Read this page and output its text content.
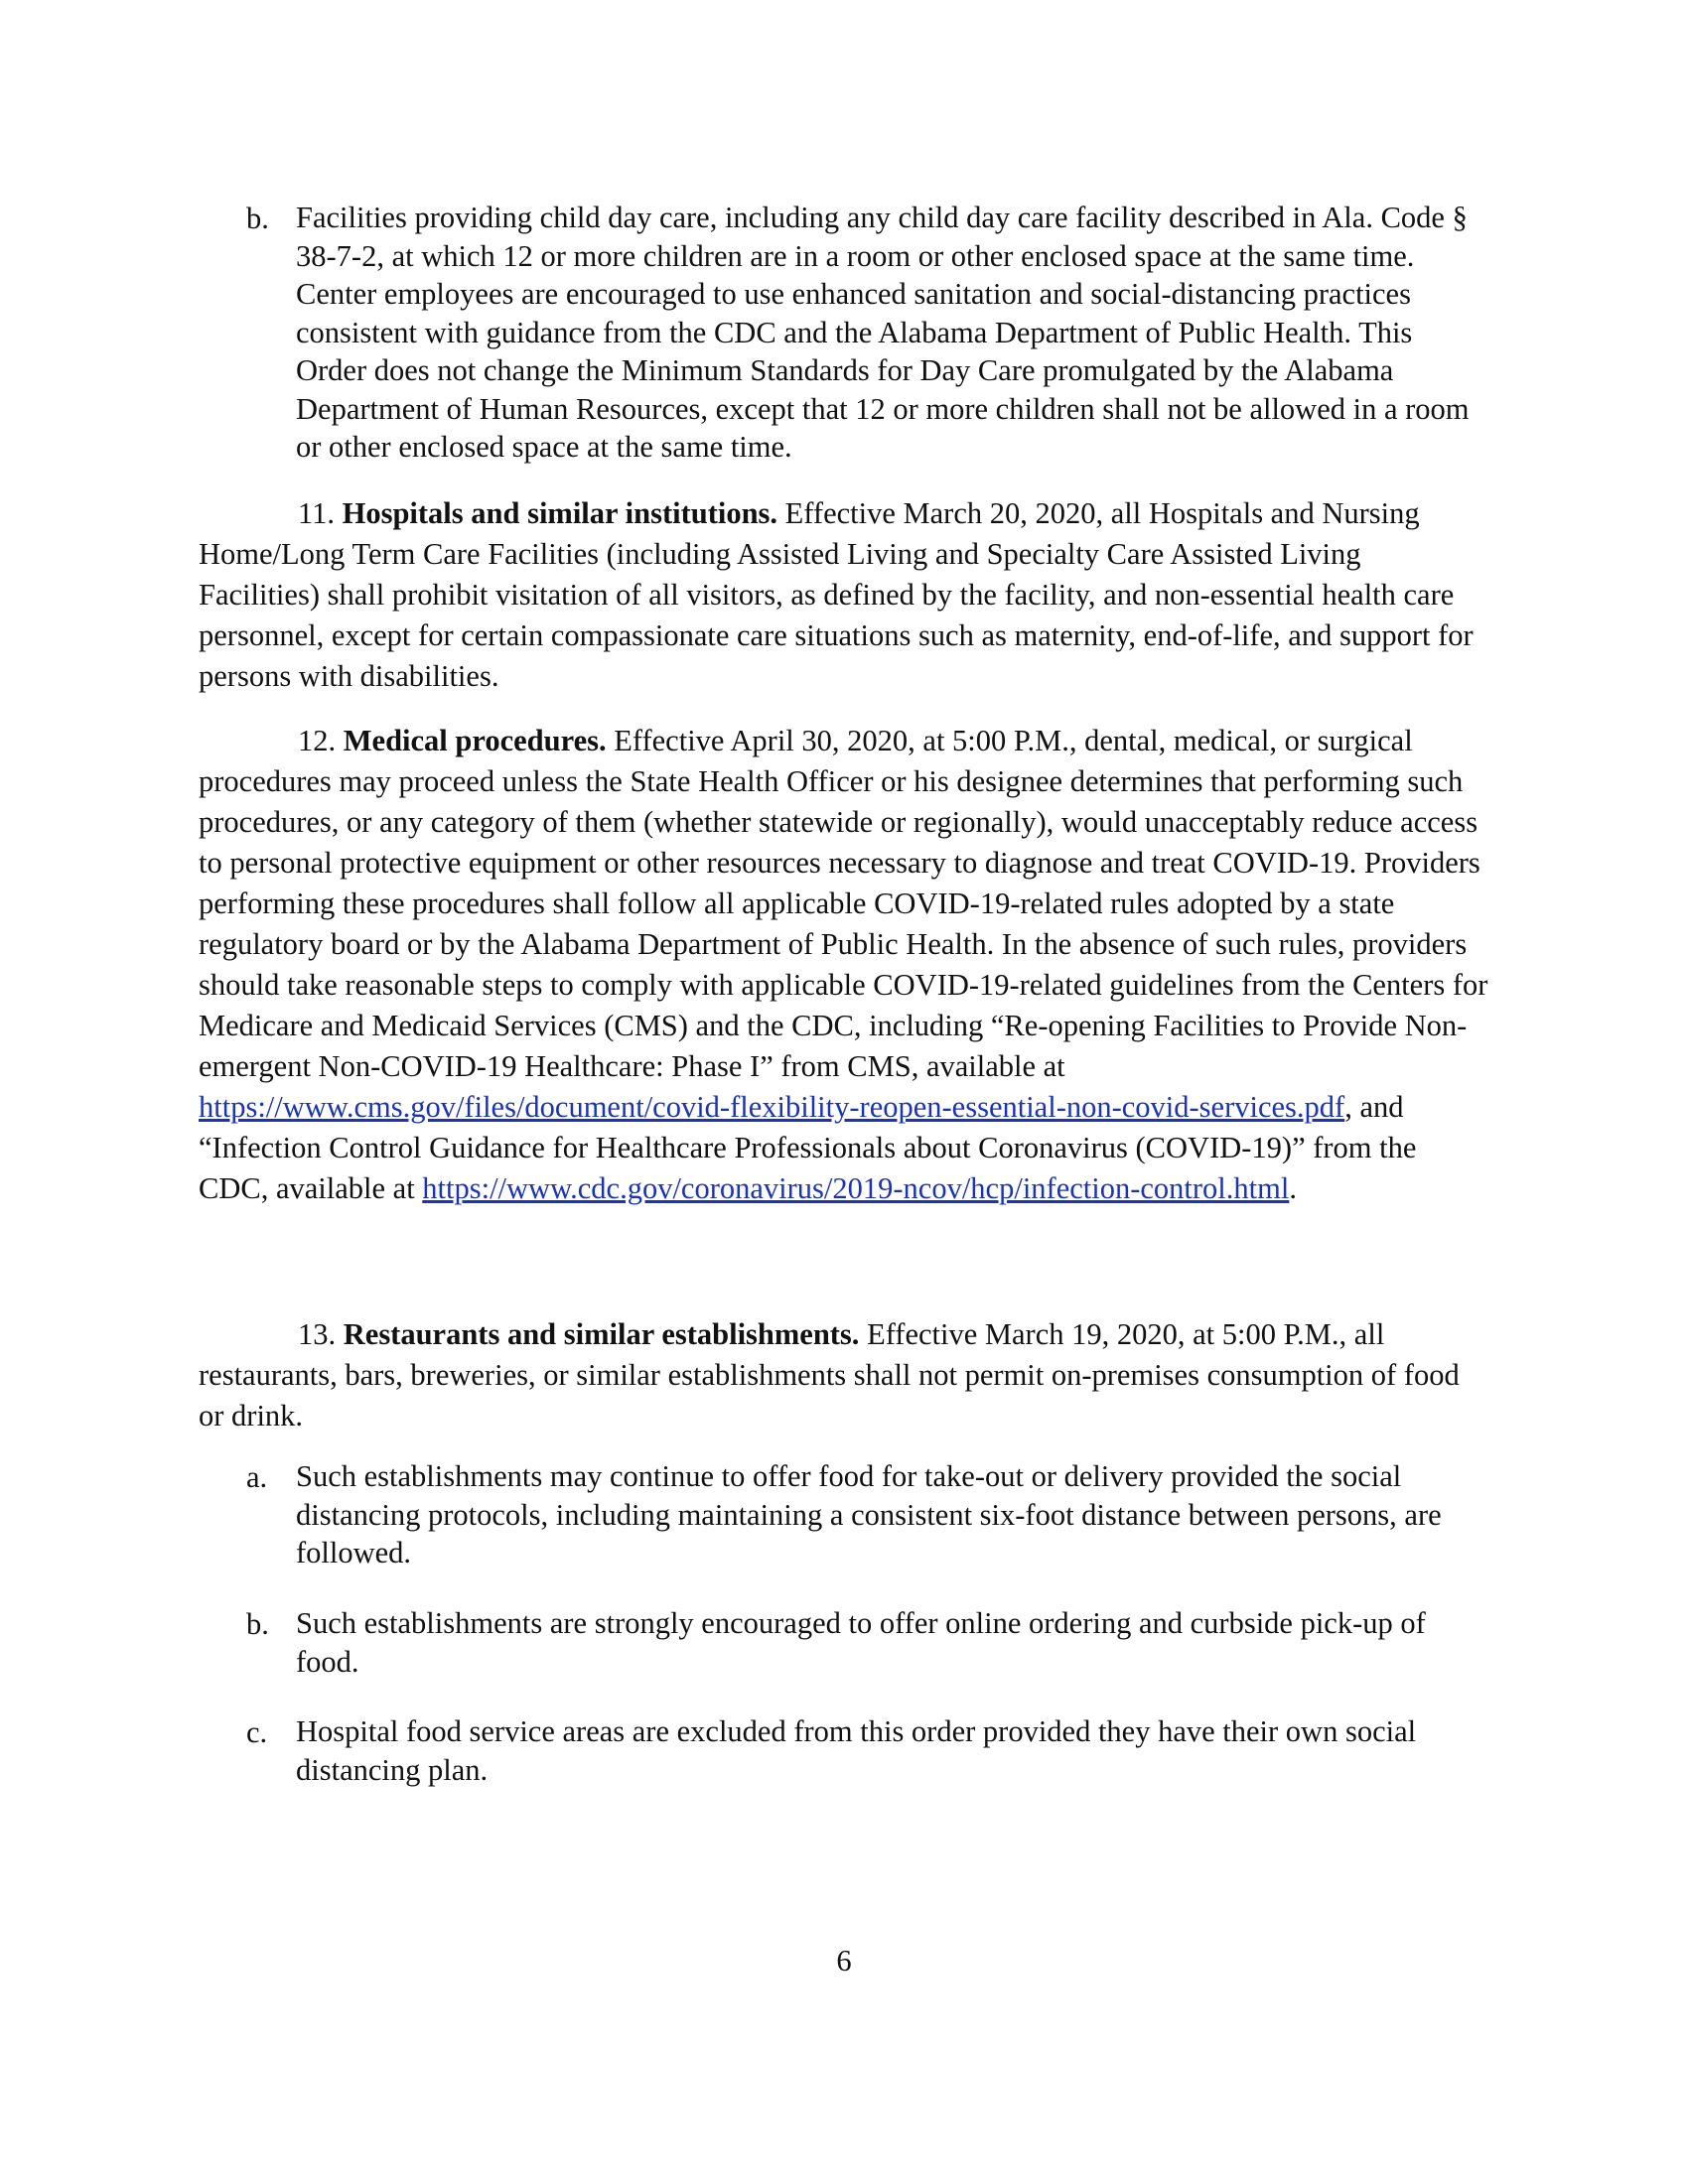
b. Facilities providing child day care, including any child day care facility described in Ala. Code § 38-7-2, at which 12 or more children are in a room or other enclosed space at the same time. Center employees are encouraged to use enhanced sanitation and social-distancing practices consistent with guidance from the CDC and the Alabama Department of Public Health. This Order does not change the Minimum Standards for Day Care promulgated by the Alabama Department of Human Resources, except that 12 or more children shall not be allowed in a room or other enclosed space at the same time.

11. Hospitals and similar institutions. Effective March 20, 2020, all Hospitals and Nursing Home/Long Term Care Facilities (including Assisted Living and Specialty Care Assisted Living Facilities) shall prohibit visitation of all visitors, as defined by the facility, and non-essential health care personnel, except for certain compassionate care situations such as maternity, end-of-life, and support for persons with disabilities.

12. Medical procedures. Effective April 30, 2020, at 5:00 P.M., dental, medical, or surgical procedures may proceed unless the State Health Officer or his designee determines that performing such procedures, or any category of them (whether statewide or regionally), would unacceptably reduce access to personal protective equipment or other resources necessary to diagnose and treat COVID-19. Providers performing these procedures shall follow all applicable COVID-19-related rules adopted by a state regulatory board or by the Alabama Department of Public Health. In the absence of such rules, providers should take reasonable steps to comply with applicable COVID-19-related guidelines from the Centers for Medicare and Medicaid Services (CMS) and the CDC, including “Re-opening Facilities to Provide Non-emergent Non-COVID-19 Healthcare: Phase I” from CMS, available at https://www.cms.gov/files/document/covid-flexibility-reopen-essential-non-covid-services.pdf, and “Infection Control Guidance for Healthcare Professionals about Coronavirus (COVID-19)” from the CDC, available at https://www.cdc.gov/coronavirus/2019-ncov/hcp/infection-control.html.

13. Restaurants and similar establishments. Effective March 19, 2020, at 5:00 P.M., all restaurants, bars, breweries, or similar establishments shall not permit on-premises consumption of food or drink.

a. Such establishments may continue to offer food for take-out or delivery provided the social distancing protocols, including maintaining a consistent six-foot distance between persons, are followed.

b. Such establishments are strongly encouraged to offer online ordering and curbside pick-up of food.

c. Hospital food service areas are excluded from this order provided they have their own social distancing plan.

6
